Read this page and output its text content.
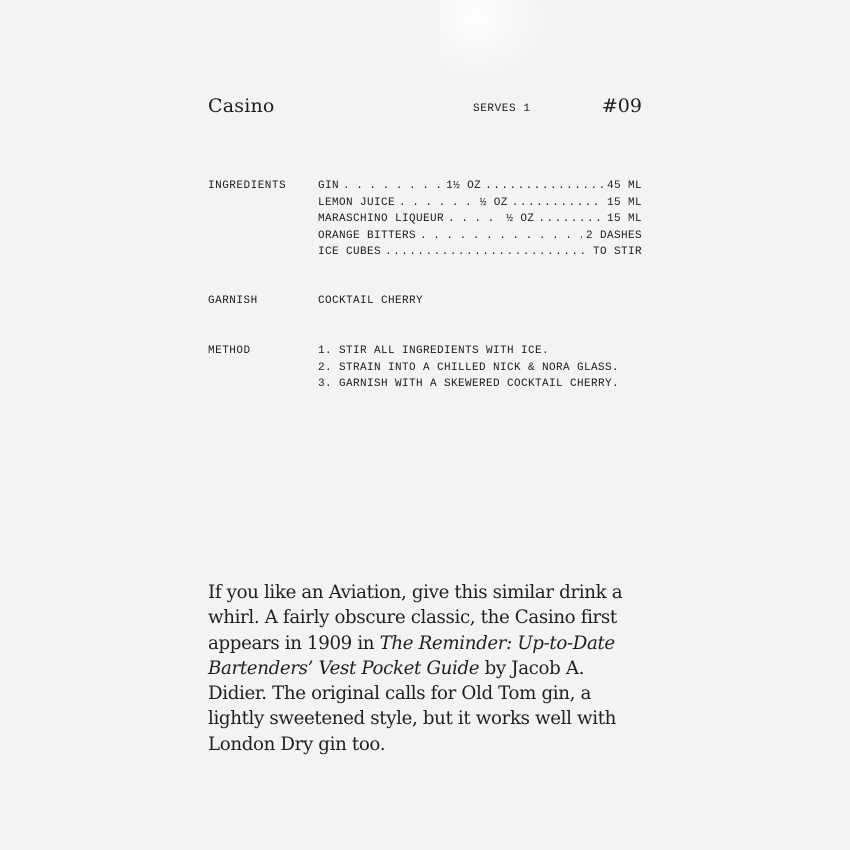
Casino	SERVES 1	#09
INGREDIENTS	GIN . . .	1½ OZ .....	45 ML
LEMON JUICE . . .	½ OZ .....	15 ML
MARASCHINO LIQUEUR . . .	½ OZ .....	15 ML
ORANGE BITTERS . . .	2 DASHES
ICE CUBES .....	TO STIR
GARNISH	COCKTAIL CHERRY
METHOD	1. STIR ALL INGREDIENTS WITH ICE.
2. STRAIN INTO A CHILLED NICK & NORA GLASS.
3. GARNISH WITH A SKEWERED COCKTAIL CHERRY.
If you like an Aviation, give this similar drink a whirl. A fairly obscure classic, the Casino first appears in 1909 in The Reminder: Up-to-Date Bartenders’ Vest Pocket Guide by Jacob A. Didier. The original calls for Old Tom gin, a lightly sweetened style, but it works well with London Dry gin too.
